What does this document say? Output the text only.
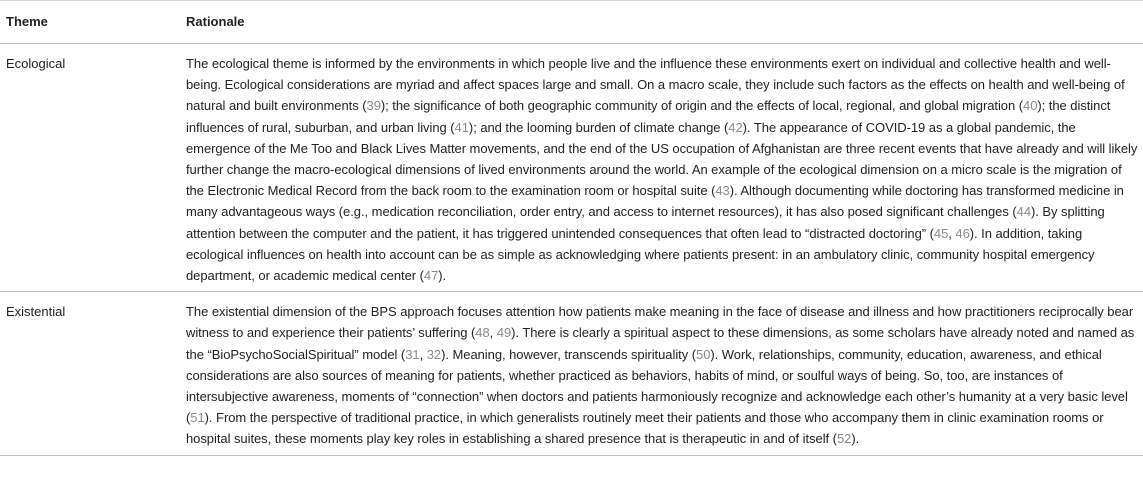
Theme	Rationale
Ecological	The ecological theme is informed by the environments in which people live and the influence these environments exert on individual and collective health and well-being. Ecological considerations are myriad and affect spaces large and small. On a macro scale, they include such factors as the effects on health and well-being of natural and built environments (39); the significance of both geographic community of origin and the effects of local, regional, and global migration (40); the distinct influences of rural, suburban, and urban living (41); and the looming burden of climate change (42). The appearance of COVID-19 as a global pandemic, the emergence of the Me Too and Black Lives Matter movements, and the end of the US occupation of Afghanistan are three recent events that have already and will likely further change the macro-ecological dimensions of lived environments around the world. An example of the ecological dimension on a micro scale is the migration of the Electronic Medical Record from the back room to the examination room or hospital suite (43). Although documenting while doctoring has transformed medicine in many advantageous ways (e.g., medication reconciliation, order entry, and access to internet resources), it has also posed significant challenges (44). By splitting attention between the computer and the patient, it has triggered unintended consequences that often lead to “distracted doctoring” (45, 46). In addition, taking ecological influences on health into account can be as simple as acknowledging where patients present: in an ambulatory clinic, community hospital emergency department, or academic medical center (47).
Existential	The existential dimension of the BPS approach focuses attention how patients make meaning in the face of disease and illness and how practitioners reciprocally bear witness to and experience their patients’ suffering (48, 49). There is clearly a spiritual aspect to these dimensions, as some scholars have already noted and named as the “BioPsychoSocialSpiritual” model (31, 32). Meaning, however, transcends spirituality (50). Work, relationships, community, education, awareness, and ethical considerations are also sources of meaning for patients, whether practiced as behaviors, habits of mind, or soulful ways of being. So, too, are instances of intersubjective awareness, moments of “connection” when doctors and patients harmoniously recognize and acknowledge each other’s humanity at a very basic level (51). From the perspective of traditional practice, in which generalists routinely meet their patients and those who accompany them in clinic examination rooms or hospital suites, these moments play key roles in establishing a shared presence that is therapeutic in and of itself (52).
